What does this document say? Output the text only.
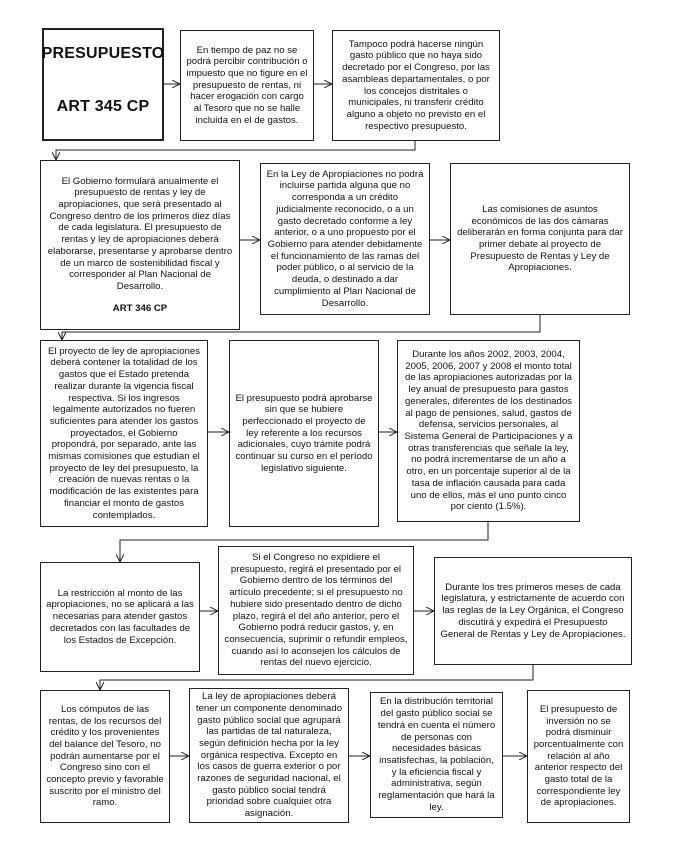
PRESUPUESTO

ART 345 CP

En tiempo de paz no se podrá percibir contribución o impuesto que no figure en el presupuesto de rentas, ni hacer erogación con cargo al Tesoro que no se halle incluida en el de gastos.

Tampoco podrá hacerse ningún gasto público que no haya sido decretado por el Congreso, por las asambleas departamentales, o por los concejos distritales o municipales, ni transferir crédito alguno a objeto no previsto en el respectivo presupuesto.

El Gobierno formulará anualmente el presupuesto de rentas y ley de apropiaciones, que será presentado al Congreso dentro de los primeros diez días de cada legislatura. El presupuesto de rentas y ley de apropiaciones deberá elaborarse, presentarse y aprobarse dentro de un marco de sostenibilidad fiscal y corresponder al Plan Nacional de Desarrollo.

ART 346 CP

En la Ley de Apropiaciones no podrá incluirse partida alguna que no corresponda a un crédito judicialmente reconocido, o a un gasto decretado conforme a ley anterior, o a uno propuesto por el Gobierno para atender debidamente el funcionamiento de las ramas del poder público, o al servicio de la deuda, o destinado a dar cumplimiento al Plan Nacional de Desarrollo.

Las comisiones de asuntos económicos de las dos cámaras deliberarán en forma conjunta para dar primer debate al proyecto de Presupuesto de Rentas y Ley de Apropiaciones.

El proyecto de ley de apropiaciones deberá contener la totalidad de los gastos que el Estado pretenda realizar durante la vigencia fiscal respectiva. Si los ingresos legalmente autorizados no fueren suficientes para atender los gastos proyectados, el Gobierno propondrá, por separado, ante las mismas comisiones que estudian el proyecto de ley del presupuesto, la creación de nuevas rentas o la modificación de las existentes para financiar el monto de gastos contemplados.

El presupuesto podrá aprobarse sin que se hubiere perfeccionado el proyecto de ley referente a los recursos adicionales, cuyo trámite podrá continuar su curso en el período legislativo siguiente.

Durante los años 2002, 2003, 2004, 2005, 2006, 2007 y 2008 el monto total de las apropiaciones autorizadas por la ley anual de presupuesto para gastos generales, diferentes de los destinados al pago de pensiones, salud, gastos de defensa, servicios personales, al Sistema General de Participaciones y a otras transferencias que señale la ley, no podrá incrementarse de un año a otro, en un porcentaje superior al de la tasa de inflación causada para cada uno de ellos, más el uno punto cinco por ciento (1.5%).

La restricción al monto de las apropiaciones, no se aplicará a las necesarias para atender gastos decretados con las facultades de los Estados de Excepción.

Si el Congreso no expidiere el presupuesto, regirá el presentado por el Gobierno dentro de los términos del artículo precedente; si el presupuesto no hubiere sido presentado dentro de dicho plazo, regirá el del año anterior, pero el Gobierno podrá reducir gastos, y, en consecuencia, suprimir o refundir empleos, cuando así lo aconsejen los cálculos de rentas del nuevo ejercicio.

Durante los tres primeros meses de cada legislatura, y estrictamente de acuerdo con las reglas de la Ley Orgánica, el Congreso discutirá y expedirá el Presupuesto General de Rentas y Ley de Apropiaciones.

Los cómputos de las rentas, de los recursos del crédito y los provenientes del balance del Tesoro, no podrán aumentarse por el Congreso sino con el concepto previo y favorable suscrito por el ministro del ramo.

La ley de apropiaciones deberá tener un componente denominado gasto público social que agrupará las partidas de tal naturaleza, según definición hecha por la ley orgánica respectiva. Excepto en los casos de guerra exterior o por razones de seguridad nacional, el gasto público social tendrá prioridad sobre cualquier otra asignación.

En la distribución territorial del gasto público social se tendrá en cuenta el número de personas con necesidades básicas insatisfechas, la población, y la eficiencia fiscal y administrativa, según reglamentación que hará la ley.

El presupuesto de inversión no se podrá disminuir porcentualmente con relación al año anterior respecto del gasto total de la correspondiente ley de apropiaciones.
